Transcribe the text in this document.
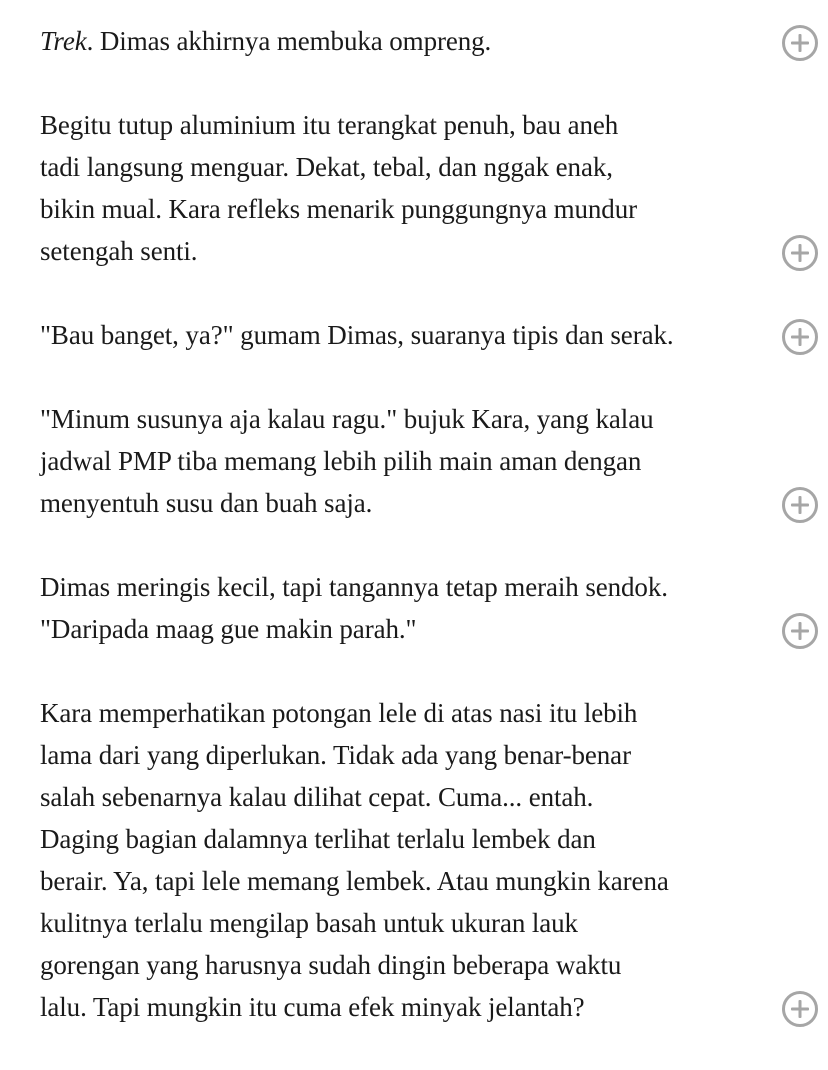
Trek. Dimas akhirnya membuka ompreng.

Begitu tutup aluminium itu terangkat penuh, bau aneh
tadi langsung menguar. Dekat, tebal, dan nggak enak,
bikin mual. Kara refleks menarik punggungnya mundur
setengah senti.

"Bau banget, ya?" gumam Dimas, suaranya tipis dan serak.

"Minum susunya aja kalau ragu." bujuk Kara, yang kalau
jadwal PMP tiba memang lebih pilih main aman dengan
menyentuh susu dan buah saja.

Dimas meringis kecil, tapi tangannya tetap meraih sendok.
"Daripada maag gue makin parah."

Kara memperhatikan potongan lele di atas nasi itu lebih
lama dari yang diperlukan. Tidak ada yang benar-benar
salah sebenarnya kalau dilihat cepat. Cuma... entah.
Daging bagian dalamnya terlihat terlalu lembek dan
berair. Ya, tapi lele memang lembek. Atau mungkin karena
kulitnya terlalu mengilap basah untuk ukuran lauk
gorengan yang harusnya sudah dingin beberapa waktu
lalu. Tapi mungkin itu cuma efek minyak jelantah?
